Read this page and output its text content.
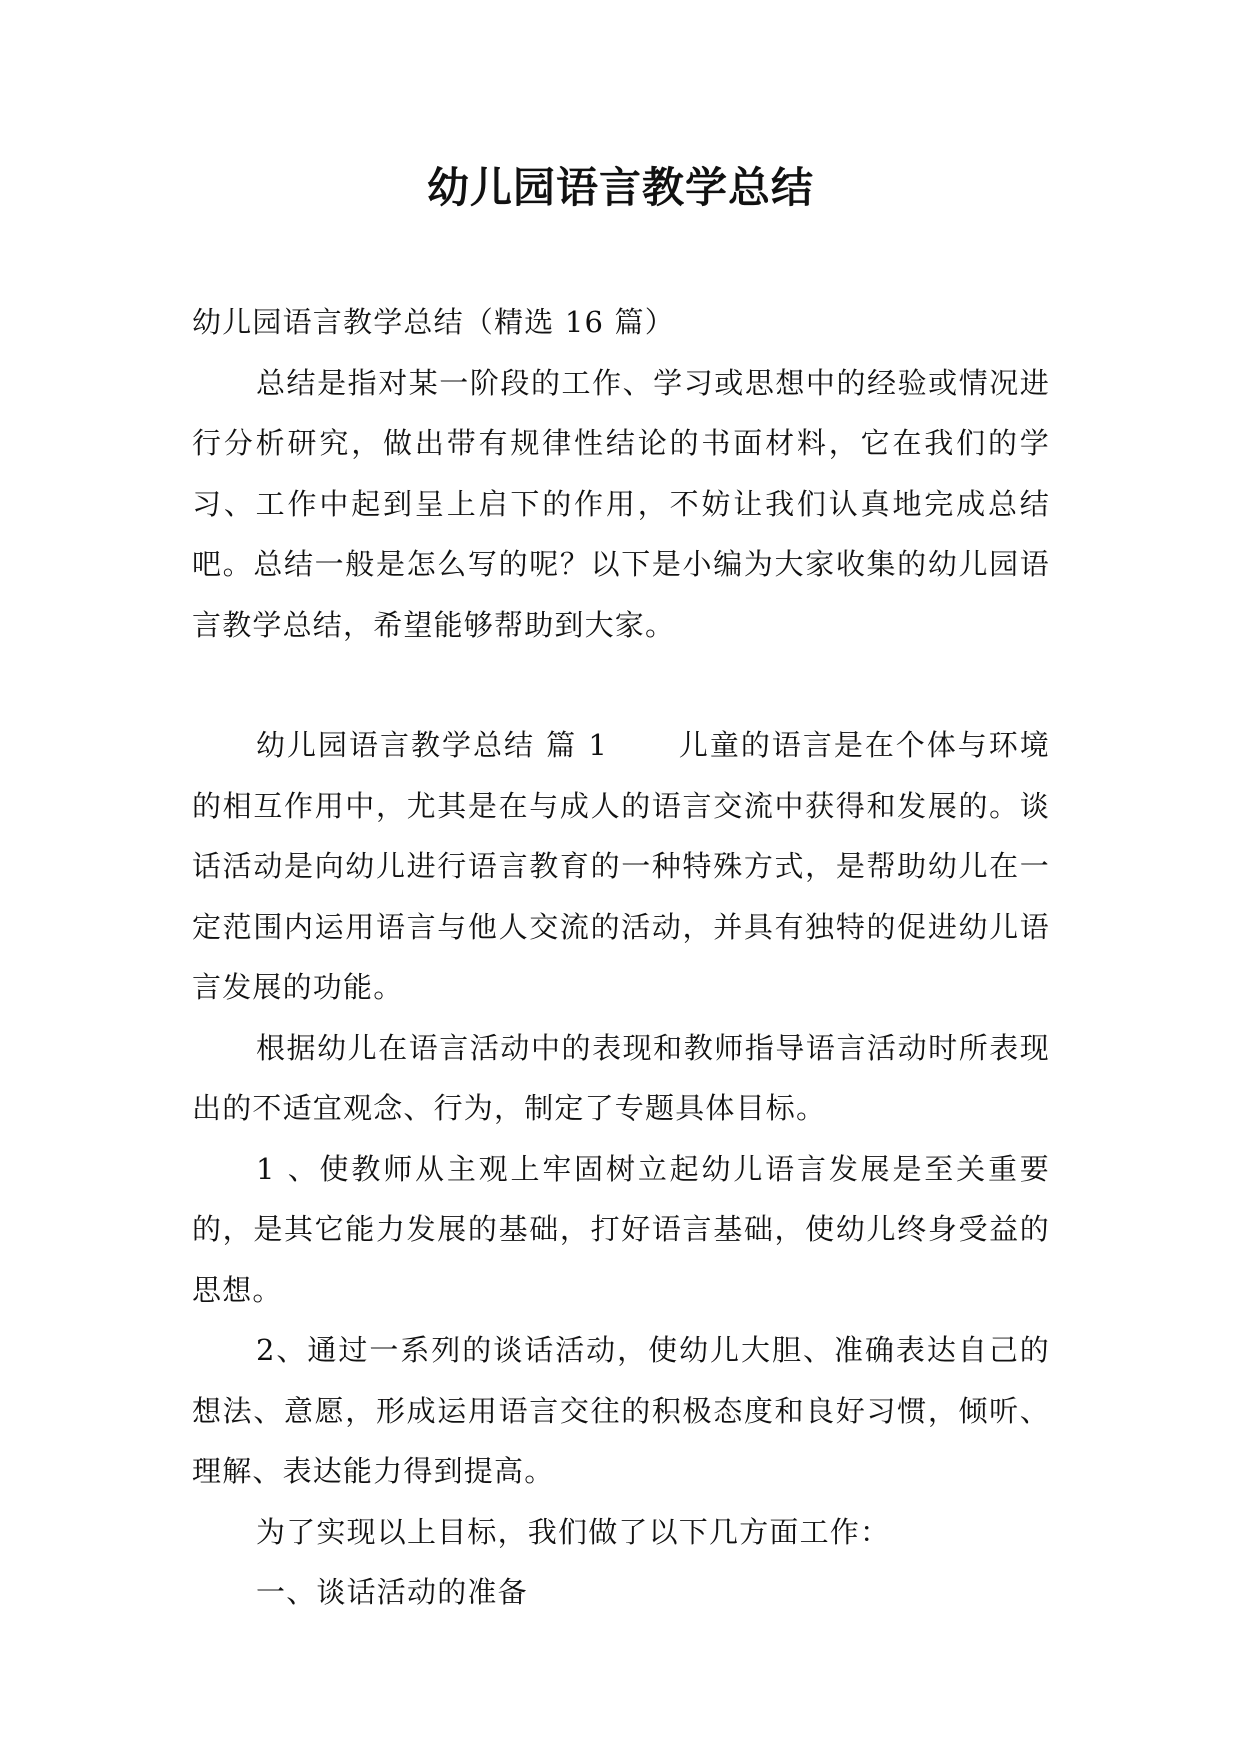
幼儿园语言教学总结

幼儿园语言教学总结（精选 16 篇）

总结是指对某一阶段的工作、学习或思想中的经验或情况进行分析研究，做出带有规律性结论的书面材料，它在我们的学习、工作中起到呈上启下的作用，不妨让我们认真地完成总结吧。总结一般是怎么写的呢？以下是小编为大家收集的幼儿园语言教学总结，希望能够帮助到大家。

幼儿园语言教学总结 篇 1 儿童的语言是在个体与环境的相互作用中，尤其是在与成人的语言交流中获得和发展的。谈话活动是向幼儿进行语言教育的一种特殊方式，是帮助幼儿在一定范围内运用语言与他人交流的活动，并具有独特的促进幼儿语言发展的功能。

根据幼儿在语言活动中的表现和教师指导语言活动时所表现出的不适宜观念、行为，制定了专题具体目标。

1 、使教师从主观上牢固树立起幼儿语言发展是至关重要的，是其它能力发展的基础，打好语言基础，使幼儿终身受益的思想。

2、通过一系列的谈话活动，使幼儿大胆、准确表达自己的想法、意愿，形成运用语言交往的积极态度和良好习惯，倾听、理解、表达能力得到提高。

为了实现以上目标，我们做了以下几方面工作：

一、谈话活动的准备
